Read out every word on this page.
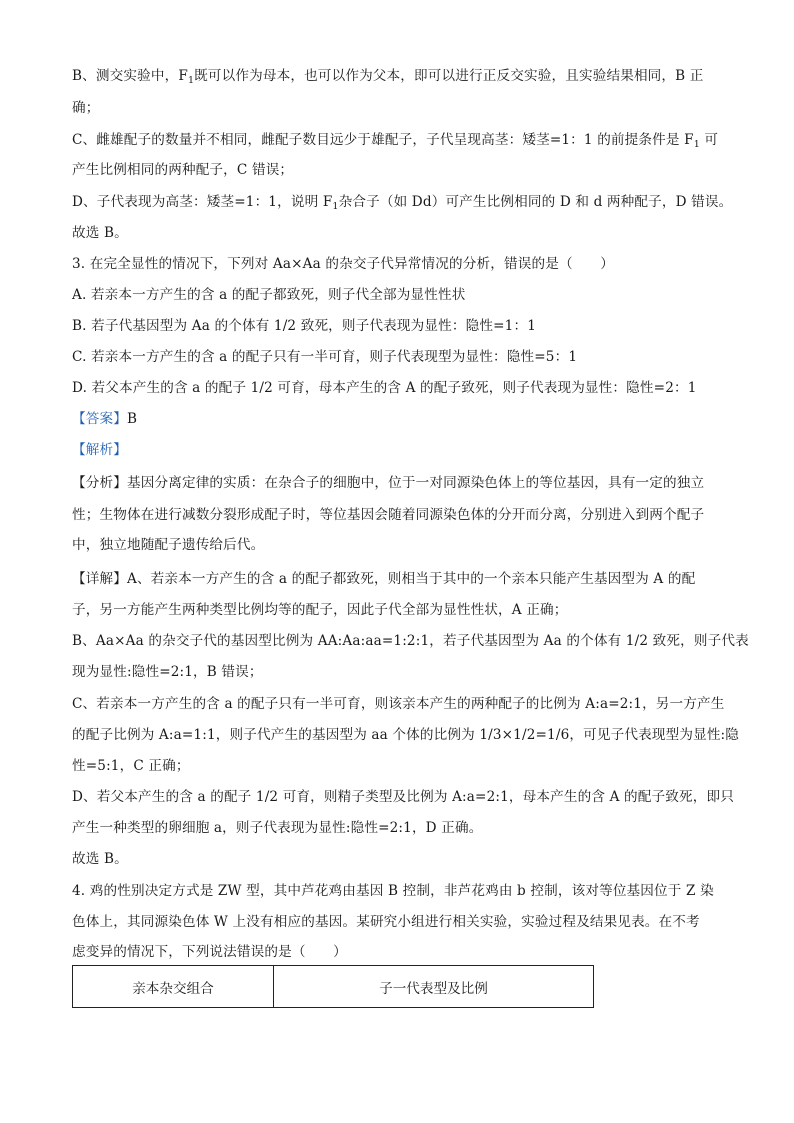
B、测交实验中，$F_1$既可以作为母本，也可以作为父本，即可以进行正反交实验，且实验结果相同，B 正
确；
C、雌雄配子的数量并不相同，雌配子数目远少于雄配子，子代呈现高茎：矮茎=1：1 的前提条件是 $F_1$ 可
产生比例相同的两种配子，C 错误；
D、子代表现为高茎：矮茎=1：1，说明 $F_1$杂合子（如 Dd）可产生比例相同的 D 和 d 两种配子，D 错误。
故选 B。
3. 在完全显性的情况下，下列对 Aa×Aa 的杂交子代异常情况的分析，错误的是（　　）
A. 若亲本一方产生的含 a 的配子都致死，则子代全部为显性性状
B. 若子代基因型为 Aa 的个体有 1/2 致死，则子代表现为显性：隐性=1：1
C. 若亲本一方产生的含 a 的配子只有一半可育，则子代表现型为显性：隐性=5：1
D. 若父本产生的含 a 的配子 1/2 可育，母本产生的含 A 的配子致死，则子代表现为显性：隐性=2：1
【答案】B
【解析】
【分析】基因分离定律的实质：在杂合子的细胞中，位于一对同源染色体上的等位基因，具有一定的独立
性；生物体在进行减数分裂形成配子时，等位基因会随着同源染色体的分开而分离，分别进入到两个配子
中，独立地随配子遗传给后代。
【详解】A、若亲本一方产生的含 a 的配子都致死，则相当于其中的一个亲本只能产生基因型为 A 的配
子，另一方能产生两种类型比例均等的配子，因此子代全部为显性性状，A 正确；
B、Aa×Aa 的杂交子代的基因型比例为 AA:Aa:aa=1:2:1，若子代基因型为 Aa 的个体有 1/2 致死，则子代表
现为显性:隐性=2:1，B 错误；
C、若亲本一方产生的含 a 的配子只有一半可育，则该亲本产生的两种配子的比例为 A:a=2:1，另一方产生
的配子比例为 A:a=1:1，则子代产生的基因型为 aa 个体的比例为 1/3×1/2=1/6，可见子代表现型为显性:隐
性=5:1，C 正确；
D、若父本产生的含 a 的配子 1/2 可育，则精子类型及比例为 A:a=2:1，母本产生的含 A 的配子致死，即只
产生一种类型的卵细胞 a，则子代表现为显性:隐性=2:1，D 正确。
故选 B。
4. 鸡的性别决定方式是 ZW 型，其中芦花鸡由基因 B 控制，非芦花鸡由 b 控制，该对等位基因位于 Z 染
色体上，其同源染色体 W 上没有相应的基因。某研究小组进行相关实验，实验过程及结果见表。在不考
虑变异的情况下，下列说法错误的是（　　）
亲本杂交组合	子一代表型及比例
